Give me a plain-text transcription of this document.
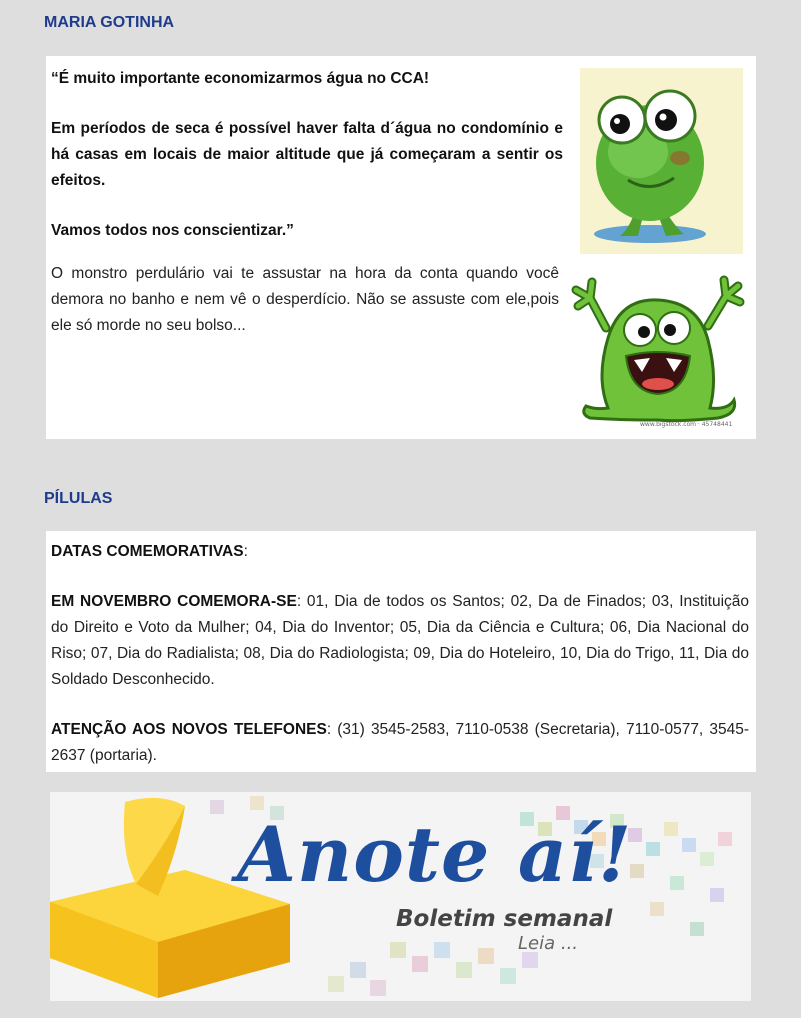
MARIA GOTINHA

“É muito importante economizarmos água no CCA!

Em períodos de seca é possível haver falta d´água no condomínio e há casas em locais de maior altitude que já começaram a sentir os efeitos.

Vamos todos nos conscientizar.”

O monstro perdulário vai te assustar na hora da conta quando você demora no banho e nem vê o desperdício. Não se assuste com ele,pois ele só morde no seu bolso...

www.bigstock.com · 45748441
PÍLULAS

DATAS COMEMORATIVAS:

EM NOVEMBRO COMEMORA-SE: 01, Dia de todos os Santos; 02, Da de Finados; 03, Instituição do Direito e Voto da Mulher; 04, Dia do Inventor; 05, Dia da Ciência e Cultura; 06, Dia Nacional do Riso; 07, Dia do Radialista; 08, Dia do Radiologista; 09, Dia do Hoteleiro, 10, Dia do Trigo, 11, Dia do Soldado Desconhecido.

ATENÇÃO AOS NOVOS TELEFONES: (31) 3545-2583, 7110-0538 (Secretaria), 7110-0577, 3545-2637 (portaria).

Anote aí!
Boletim semanal
Leia ...
